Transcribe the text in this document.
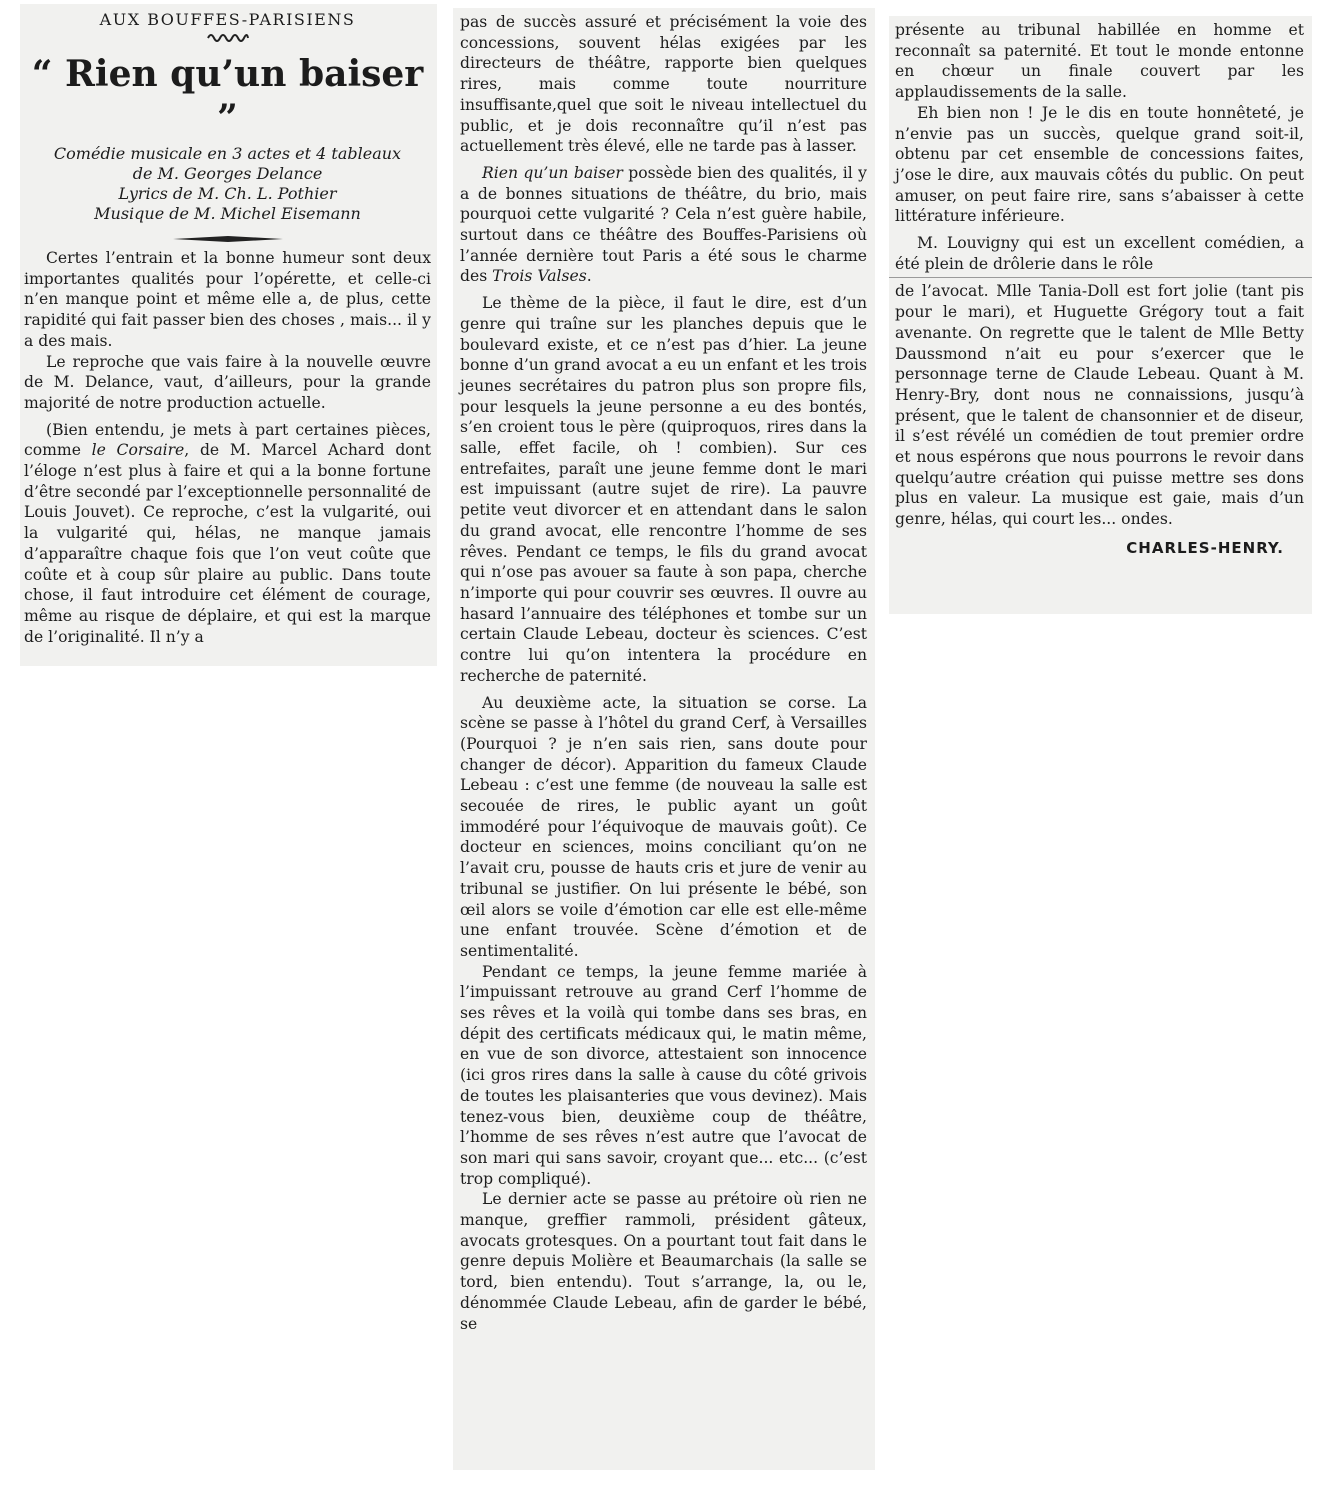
AUX BOUFFES-PARISIENS
“ Rien qu’un baiser ”
Comédie musicale en 3 actes et 4 tableaux
de M. Georges Delance
Lyrics de M. Ch. L. Pothier
Musique de M. Michel Eisemann

Certes l’entrain et la bonne humeur sont deux importantes qualités pour l’opérette, et celle-ci n’en manque point et même elle a, de plus, cette rapidité qui fait passer bien des choses , mais... il y a des mais.

Le reproche que vais faire à la nouvelle œuvre de M. Delance, vaut, d’ailleurs, pour la grande majorité de notre production actuelle.

(Bien entendu, je mets à part certaines pièces, comme le Corsaire, de M. Marcel Achard dont l’éloge n’est plus à faire et qui a la bonne fortune d’être secondé par l’exceptionnelle personnalité de Louis Jouvet). Ce reproche, c’est la vulgarité, oui la vulgarité qui, hélas, ne manque jamais d’apparaître chaque fois que l’on veut coûte que coûte et à coup sûr plaire au public. Dans toute chose, il faut introduire cet élément de courage, même au risque de déplaire, et qui est la marque de l’originalité. Il n’y a

pas de succès assuré et précisément la voie des concessions, souvent hélas exigées par les directeurs de théâtre, rapporte bien quelques rires, mais comme toute nourriture insuffisante,quel que soit le niveau intellectuel du public, et je dois reconnaître qu’il n’est pas actuellement très élevé, elle ne tarde pas à lasser.

Rien qu’un baiser possède bien des qualités, il y a de bonnes situations de théâtre, du brio, mais pourquoi cette vulgarité ? Cela n’est guère habile, surtout dans ce théâtre des Bouffes-Parisiens où l’année dernière tout Paris a été sous le charme des Trois Valses.

Le thème de la pièce, il faut le dire, est d’un genre qui traîne sur les planches depuis que le boulevard existe, et ce n’est pas d’hier. La jeune bonne d’un grand avocat a eu un enfant et les trois jeunes secrétaires du patron plus son propre fils, pour lesquels la jeune personne a eu des bontés, s’en croient tous le père (quiproquos, rires dans la salle, effet facile, oh ! combien). Sur ces entrefaites, paraît une jeune femme dont le mari est impuissant (autre sujet de rire). La pauvre petite veut divorcer et en attendant dans le salon du grand avocat, elle rencontre l’homme de ses rêves. Pendant ce temps, le fils du grand avocat qui n’ose pas avouer sa faute à son papa, cherche n’importe qui pour couvrir ses œuvres. Il ouvre au hasard l’annuaire des téléphones et tombe sur un certain Claude Lebeau, docteur ès sciences. C’est contre lui qu’on intentera la procédure en recherche de paternité.

Au deuxième acte, la situation se corse. La scène se passe à l’hôtel du grand Cerf, à Versailles (Pourquoi ? je n’en sais rien, sans doute pour changer de décor). Apparition du fameux Claude Lebeau : c’est une femme (de nouveau la salle est secouée de rires, le public ayant un goût immodéré pour l’équivoque de mauvais goût). Ce docteur en sciences, moins conciliant qu’on ne l’avait cru, pousse de hauts cris et jure de venir au tribunal se justifier. On lui présente le bébé, son œil alors se voile d’émotion car elle est elle-même une enfant trouvée. Scène d’émotion et de sentimentalité.

Pendant ce temps, la jeune femme mariée à l’impuissant retrouve au grand Cerf l’homme de ses rêves et la voilà qui tombe dans ses bras, en dépit des certificats médicaux qui, le matin même, en vue de son divorce, attestaient son innocence (ici gros rires dans la salle à cause du côté grivois de toutes les plaisanteries que vous devinez). Mais tenez-vous bien, deuxième coup de théâtre, l’homme de ses rêves n’est autre que l’avocat de son mari qui sans savoir, croyant que... etc... (c’est trop compliqué).

Le dernier acte se passe au prétoire où rien ne manque, greffier rammoli, président gâteux, avocats grotesques. On a pourtant tout fait dans le genre depuis Molière et Beaumarchais (la salle se tord, bien entendu). Tout s’arrange, la, ou le, dénommée Claude Lebeau, afin de garder le bébé, se

présente au tribunal habillée en homme et reconnaît sa paternité. Et tout le monde entonne en chœur un finale couvert par les applaudissements de la salle.

Eh bien non ! Je le dis en toute honnêteté, je n’envie pas un succès, quelque grand soit-il, obtenu par cet ensemble de concessions faites, j’ose le dire, aux mauvais côtés du public. On peut amuser, on peut faire rire, sans s’abaisser à cette littérature inférieure.

M. Louvigny qui est un excellent comédien, a été plein de drôlerie dans le rôle

de l’avocat. Mlle Tania-Doll est fort jolie (tant pis pour le mari), et Huguette Grégory tout a fait avenante. On regrette que le talent de Mlle Betty Daussmond n’ait eu pour s’exercer que le personnage terne de Claude Lebeau. Quant à M. Henry-Bry, dont nous ne connaissions, jusqu’à présent, que le talent de chansonnier et de diseur, il s’est révélé un comédien de tout premier ordre et nous espérons que nous pourrons le revoir dans quelqu’autre création qui puisse mettre ses dons plus en valeur. La musique est gaie, mais d’un genre, hélas, qui court les... ondes.

CHARLES-HENRY.
